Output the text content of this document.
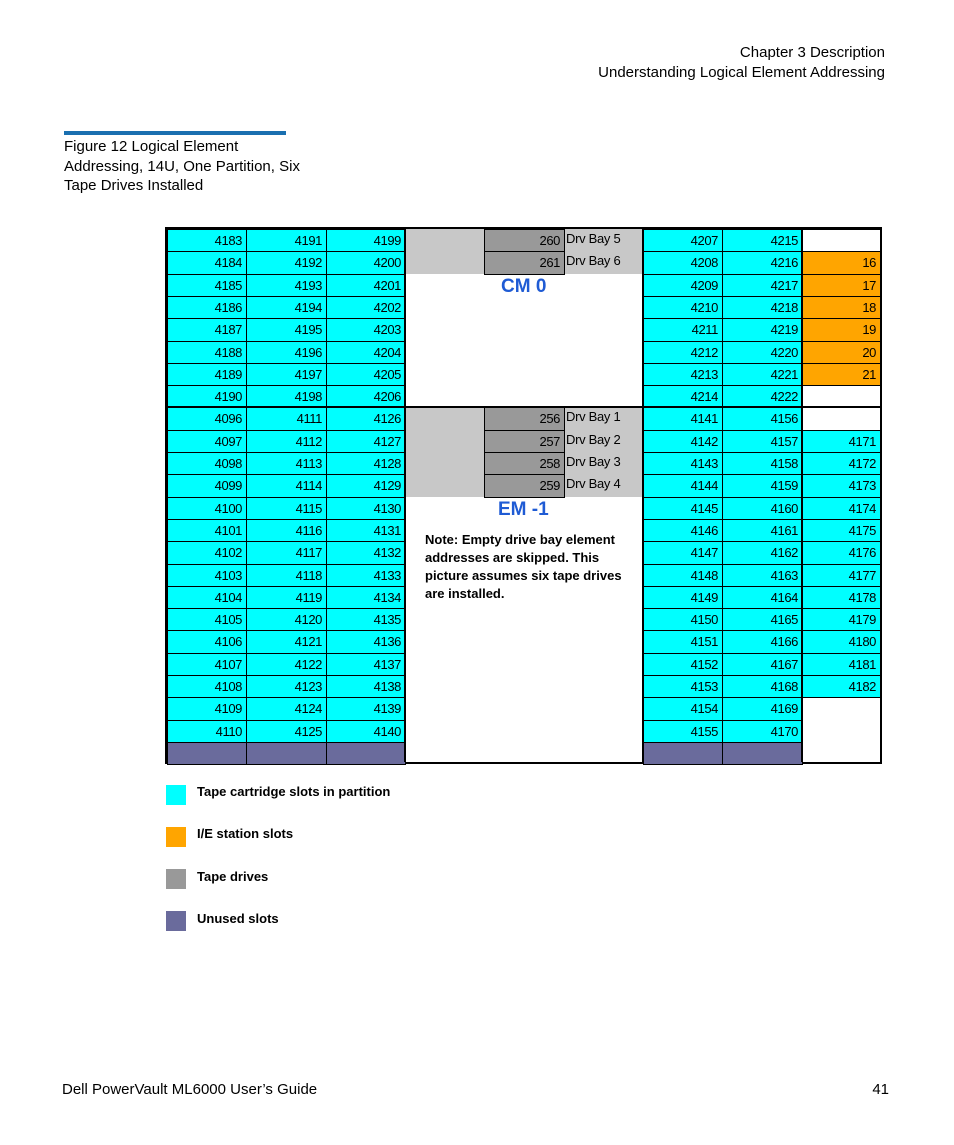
Chapter 3 Description
Understanding Logical Element Addressing
Figure 12 Logical Element Addressing, 14U, One Partition, Six Tape Drives Installed
4183
4184
4185
4186
4187
4188
4189
4190
4191
4192
4193
4194
4195
4196
4197
4198
4199
4200
4201
4202
4203
4204
4205
4206
4207
4208
4209
4210
4211
4212
4213
4214
4215
4216
4217
4218
4219
4220
4221
4222
16
17
18
19
20
21
260 Drv Bay 5
261 Drv Bay 6
4096
4097
4098
4099
4100
4101
4102
4103
4104
4105
4106
4107
4108
4109
4110
4111
4112
4113
4114
4115
4116
4117
4118
4119
4120
4121
4122
4123
4124
4125
4126
4127
4128
4129
4130
4131
4132
4133
4134
4135
4136
4137
4138
4139
4140
4141
4142
4143
4144
4145
4146
4147
4148
4149
4150
4151
4152
4153
4154
4155
4156
4157
4158
4159
4160
4161
4162
4163
4164
4165
4166
4167
4168
4169
4170
4171
4172
4173
4174
4175
4176
4177
4178
4179
4180
4181
4182
256 Drv Bay 1
257 Drv Bay 2
258 Drv Bay 3
259 Drv Bay 4
CM 0
EM -1
Note: Empty drive bay element addresses are skipped. This picture assumes six tape drives are installed.
Tape cartridge slots in partition
I/E station slots
Tape drives
Unused slots
Dell PowerVault ML6000 User’s Guide	41
